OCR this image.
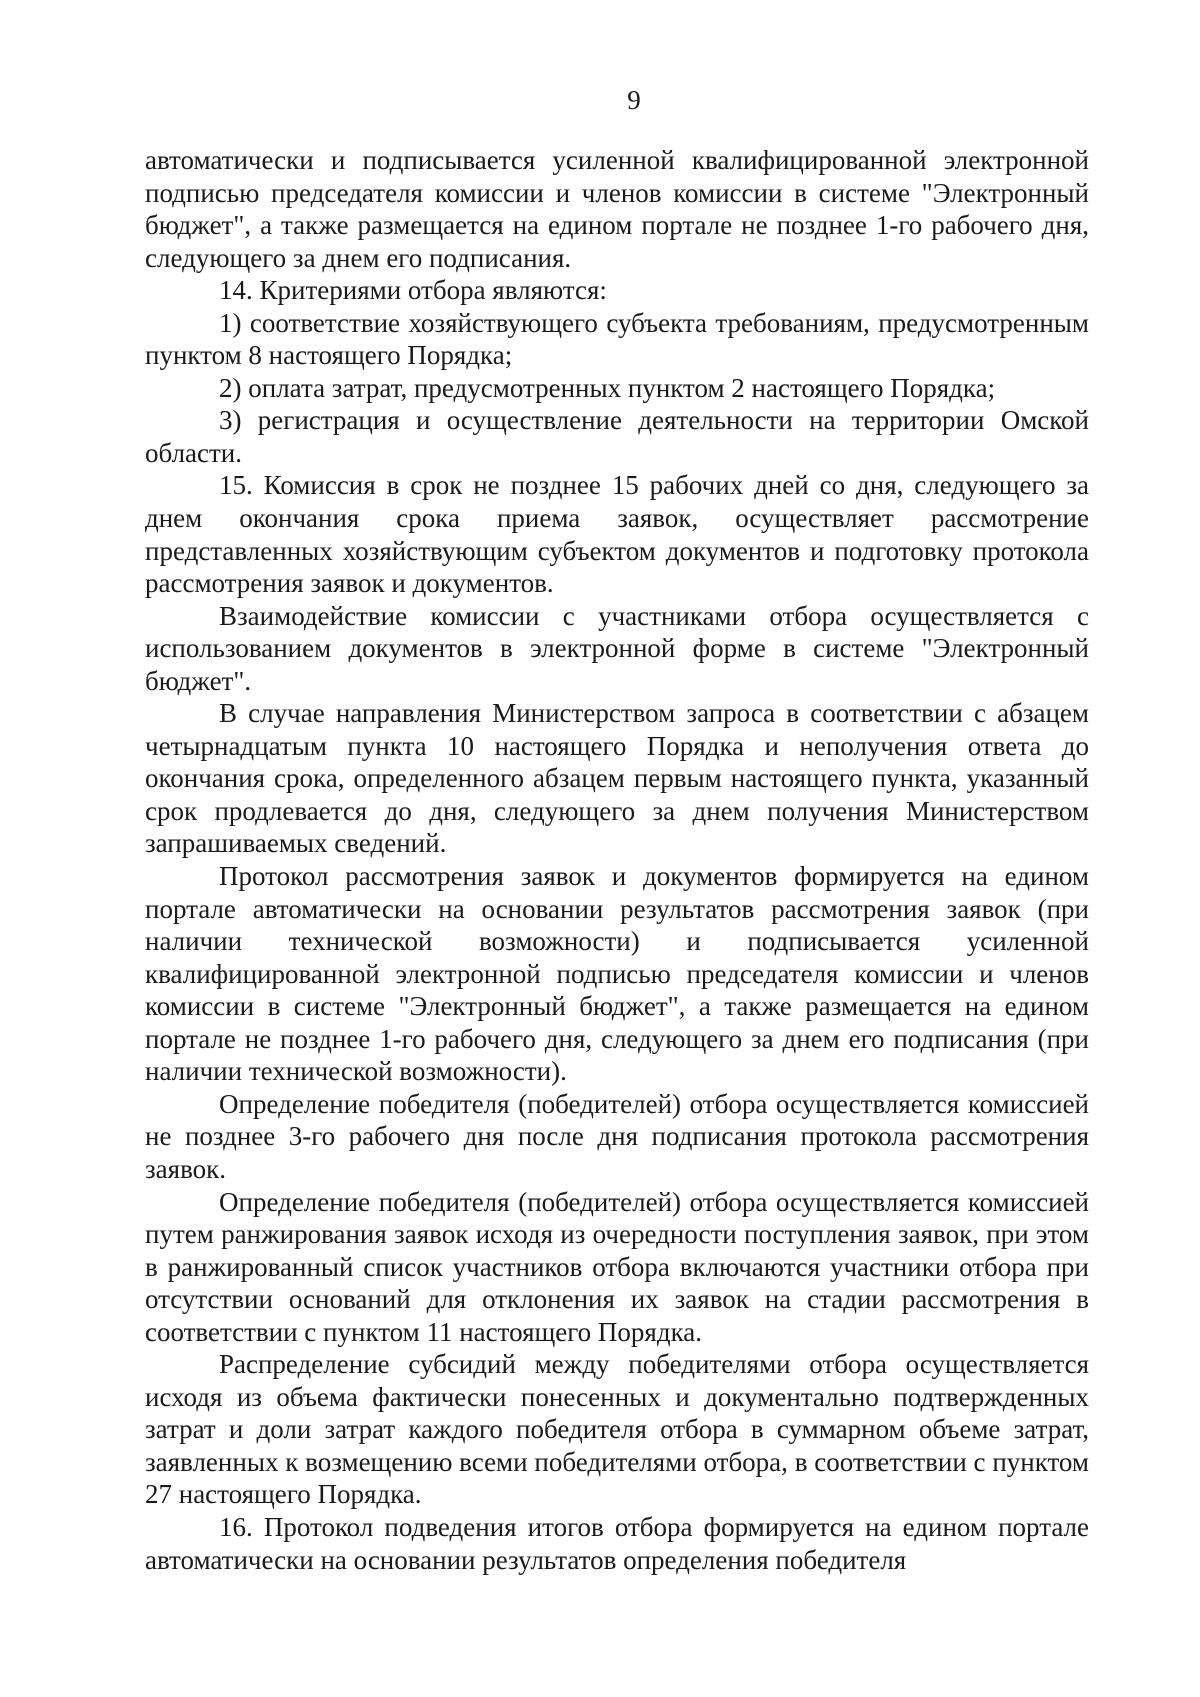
9

автоматически и подписывается усиленной квалифицированной электронной подписью председателя комиссии и членов комиссии в системе "Электронный бюджет", а также размещается на едином портале не позднее 1-го рабочего дня, следующего за днем его подписания.

14. Критериями отбора являются:

1) соответствие хозяйствующего субъекта требованиям, предусмотренным пунктом 8 настоящего Порядка;

2) оплата затрат, предусмотренных пунктом 2 настоящего Порядка;

3) регистрация и осуществление деятельности на территории Омской области.

15. Комиссия в срок не позднее 15 рабочих дней со дня, следующего за днем окончания срока приема заявок, осуществляет рассмотрение представленных хозяйствующим субъектом документов и подготовку протокола рассмотрения заявок и документов.

Взаимодействие комиссии с участниками отбора осуществляется с использованием документов в электронной форме в системе "Электронный бюджет".

В случае направления Министерством запроса в соответствии с абзацем четырнадцатым пункта 10 настоящего Порядка и неполучения ответа до окончания срока, определенного абзацем первым настоящего пункта, указанный срок продлевается до дня, следующего за днем получения Министерством запрашиваемых сведений.

Протокол рассмотрения заявок и документов формируется на едином портале автоматически на основании результатов рассмотрения заявок (при наличии технической возможности) и подписывается усиленной квалифицированной электронной подписью председателя комиссии и членов комиссии в системе "Электронный бюджет", а также размещается на едином портале не позднее 1-го рабочего дня, следующего за днем его подписания (при наличии технической возможности).

Определение победителя (победителей) отбора осуществляется комиссией не позднее 3-го рабочего дня после дня подписания протокола рассмотрения заявок.

Определение победителя (победителей) отбора осуществляется комиссией путем ранжирования заявок исходя из очередности поступления заявок, при этом в ранжированный список участников отбора включаются участники отбора при отсутствии оснований для отклонения их заявок на стадии рассмотрения в соответствии с пунктом 11 настоящего Порядка.

Распределение субсидий между победителями отбора осуществляется исходя из объема фактически понесенных и документально подтвержденных затрат и доли затрат каждого победителя отбора в суммарном объеме затрат, заявленных к возмещению всеми победителями отбора, в соответствии с пунктом 27 настоящего Порядка.

16. Протокол подведения итогов отбора формируется на едином портале автоматически на основании результатов определения победителя
